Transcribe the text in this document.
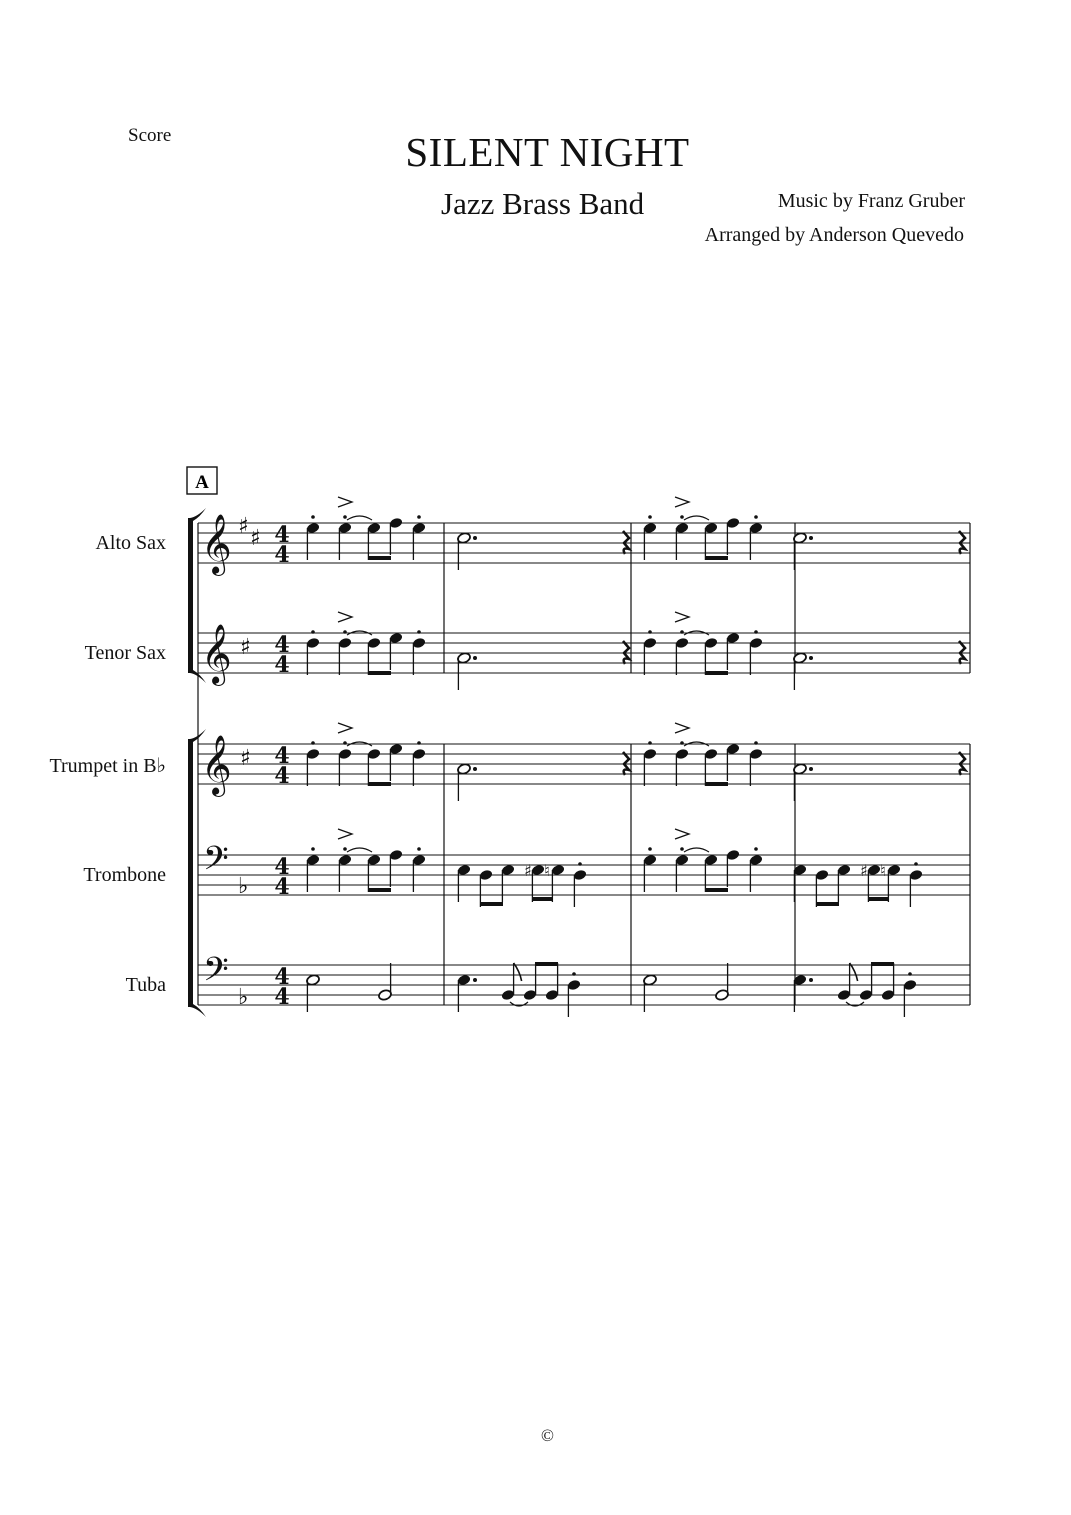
Score	SILENT NIGHT
Jazz Brass Band	Music by Franz Gruber
Arranged by Anderson Quevedo
Alto Sax
Tenor Sax
Trumpet in B♭
Trombone
Tuba
A
𝄞
𝄞
𝄞
𝄢
𝄢
♯ ♯
♯
♯
♭
♭
4
4
4
4
4
4
4
4
4
4
♯ ♮	♯ ♮
©
